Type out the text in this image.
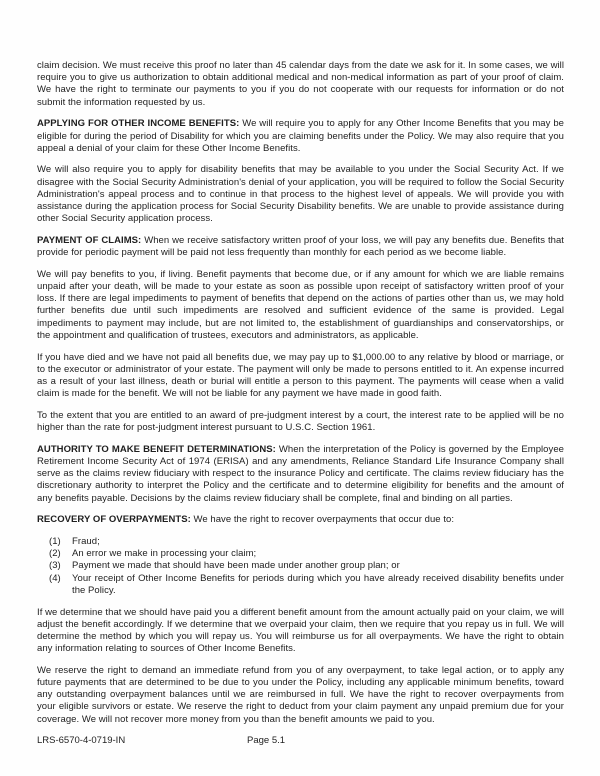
claim decision. We must receive this proof no later than 45 calendar days from the date we ask for it. In some cases, we will require you to give us authorization to obtain additional medical and non-medical information as part of your proof of claim. We have the right to terminate our payments to you if you do not cooperate with our requests for information or do not submit the information requested by us.

APPLYING FOR OTHER INCOME BENEFITS: We will require you to apply for any Other Income Benefits that you may be eligible for during the period of Disability for which you are claiming benefits under the Policy. We may also require that you appeal a denial of your claim for these Other Income Benefits.

We will also require you to apply for disability benefits that may be available to you under the Social Security Act. If we disagree with the Social Security Administration's denial of your application, you will be required to follow the Social Security Administration's appeal process and to continue in that process to the highest level of appeals. We will provide you with assistance during the application process for Social Security Disability benefits. We are unable to provide assistance during other Social Security application process.

PAYMENT OF CLAIMS: When we receive satisfactory written proof of your loss, we will pay any benefits due. Benefits that provide for periodic payment will be paid not less frequently than monthly for each period as we become liable.

We will pay benefits to you, if living. Benefit payments that become due, or if any amount for which we are liable remains unpaid after your death, will be made to your estate as soon as possible upon receipt of satisfactory written proof of your loss. If there are legal impediments to payment of benefits that depend on the actions of parties other than us, we may hold further benefits due until such impediments are resolved and sufficient evidence of the same is provided. Legal impediments to payment may include, but are not limited to, the establishment of guardianships and conservatorships, or the appointment and qualification of trustees, executors and administrators, as applicable.

If you have died and we have not paid all benefits due, we may pay up to $1,000.00 to any relative by blood or marriage, or to the executor or administrator of your estate. The payment will only be made to persons entitled to it. An expense incurred as a result of your last illness, death or burial will entitle a person to this payment. The payments will cease when a valid claim is made for the benefit. We will not be liable for any payment we have made in good faith.

To the extent that you are entitled to an award of pre-judgment interest by a court, the interest rate to be applied will be no higher than the rate for post-judgment interest pursuant to U.S.C. Section 1961.

AUTHORITY TO MAKE BENEFIT DETERMINATIONS: When the interpretation of the Policy is governed by the Employee Retirement Income Security Act of 1974 (ERISA) and any amendments, Reliance Standard Life Insurance Company shall serve as the claims review fiduciary with respect to the insurance Policy and certificate. The claims review fiduciary has the discretionary authority to interpret the Policy and the certificate and to determine eligibility for benefits and the amount of any benefits payable. Decisions by the claims review fiduciary shall be complete, final and binding on all parties.

RECOVERY OF OVERPAYMENTS: We have the right to recover overpayments that occur due to:

(1)	Fraud;
(2)	An error we make in processing your claim;
(3)	Payment we made that should have been made under another group plan; or
(4)	Your receipt of Other Income Benefits for periods during which you have already received disability benefits under the Policy.

If we determine that we should have paid you a different benefit amount from the amount actually paid on your claim, we will adjust the benefit accordingly. If we determine that we overpaid your claim, then we require that you repay us in full. We will determine the method by which you will repay us. You will reimburse us for all overpayments. We have the right to obtain any information relating to sources of Other Income Benefits.

We reserve the right to demand an immediate refund from you of any overpayment, to take legal action, or to apply any future payments that are determined to be due to you under the Policy, including any applicable minimum benefits, toward any outstanding overpayment balances until we are reimbursed in full. We have the right to recover overpayments from your eligible survivors or estate. We reserve the right to deduct from your claim payment any unpaid premium due for your coverage. We will not recover more money from you than the benefit amounts we paid to you.

LRS-6570-4-0719-IN	Page 5.1
